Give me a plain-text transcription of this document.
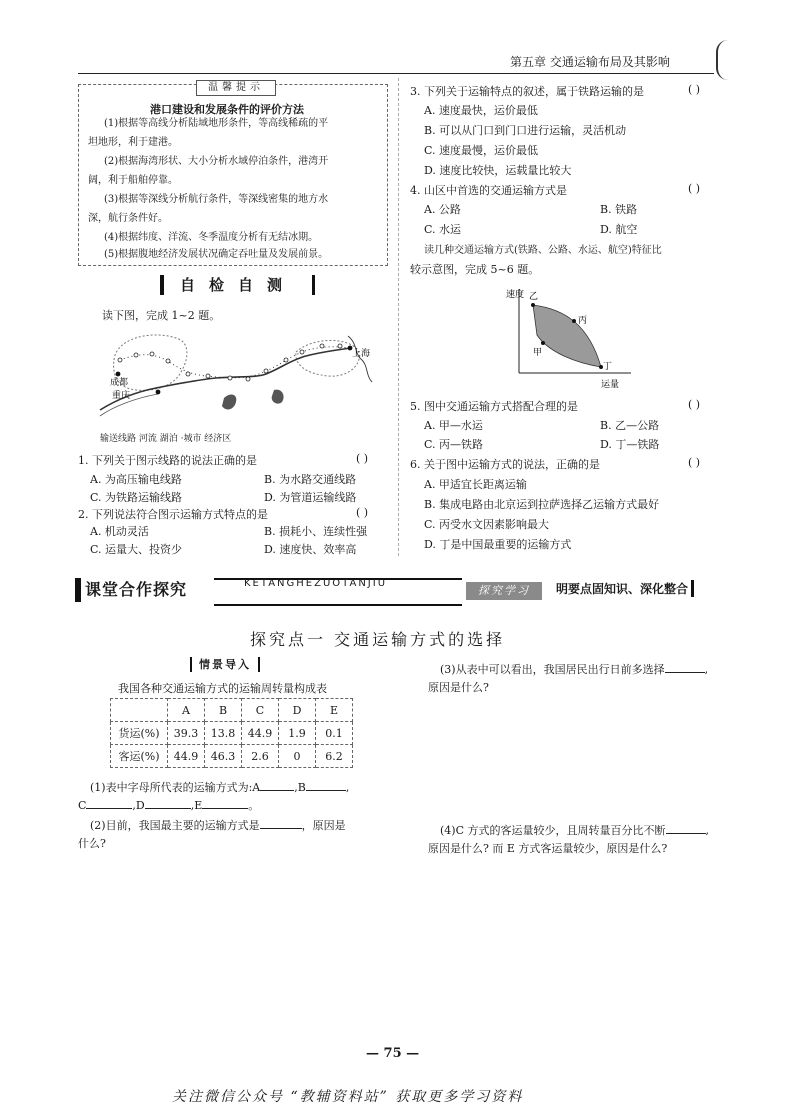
第五章 交通运输布局及其影响
温馨提示
港口建设和发展条件的评价方法
(1)根据等高线分析陆域地形条件，等高线稀疏的平
坦地形，利于建港。
(2)根据海湾形状、大小分析水域停泊条件，港湾开
阔，利于船舶停靠。
(3)根据等深线分析航行条件，等深线密集的地方水
深，航行条件好。
(4)根据纬度、洋流、冬季温度分析有无结冰期。
(5)根据腹地经济发展状况确定吞吐量及发展前景。
自检自测
读下图，完成 1~2 题。
成都
重庆
上海
输送线路 河流 湖泊 ·城市 经济区
1. 下列关于图示线路的说法正确的是	( )
A. 为高压输电线路	B. 为水路交通线路
C. 为铁路运输线路	D. 为管道运输线路
2. 下列说法符合图示运输方式特点的是	( )
A. 机动灵活	B. 损耗小、连续性强
C. 运量大、投资少	D. 速度快、效率高
3. 下列关于运输特点的叙述，属于铁路运输的是	( )
A. 速度最快，运价最低
B. 可以从门口到门口进行运输，灵活机动
C. 速度最慢，运价最低
D. 速度比较快，运载量比较大
4. 山区中首选的交通运输方式是	( )
A. 公路	B. 铁路
C. 水运	D. 航空
读几种交通运输方式(铁路、公路、水运、航空)特征比
较示意图，完成 5~6 题。
速度
运量
乙
丙
甲
丁
5. 图中交通运输方式搭配合理的是	( )
A. 甲—水运	B. 乙—公路
C. 丙—铁路	D. 丁—铁路
6. 关于图中运输方式的说法，正确的是	( )
A. 甲适宜长距离运输
B. 集成电路由北京运到拉萨选择乙运输方式最好
C. 丙受水文因素影响最大
D. 丁是中国最重要的运输方式
课堂合作探究	KETANGHEZUOTANJIU
探究学习	明要点固知识、深化整合
探究点一 交通运输方式的选择
情景导入
我国各种交通运输方式的运输周转量构成表
	A	B	C	D	E
货运(%)	39.3	13.8	44.9	1.9	0.1
客运(%)	44.9	46.3	2.6	0	6.2
(1)表中字母所代表的运输方式为:A	,B	,
C	,D	,E	。
(2)目前，我国最主要的运输方式是	，原因是
什么?
(3)从表中可以看出，我国居民出行日前多选择	,
原因是什么?
(4)C 方式的客运量较少，且周转量百分比不断	,
原因是什么? 而 E 方式客运量较少，原因是什么?
— 75 —
关注微信公众号 “教辅资料站” 获取更多学习资料
